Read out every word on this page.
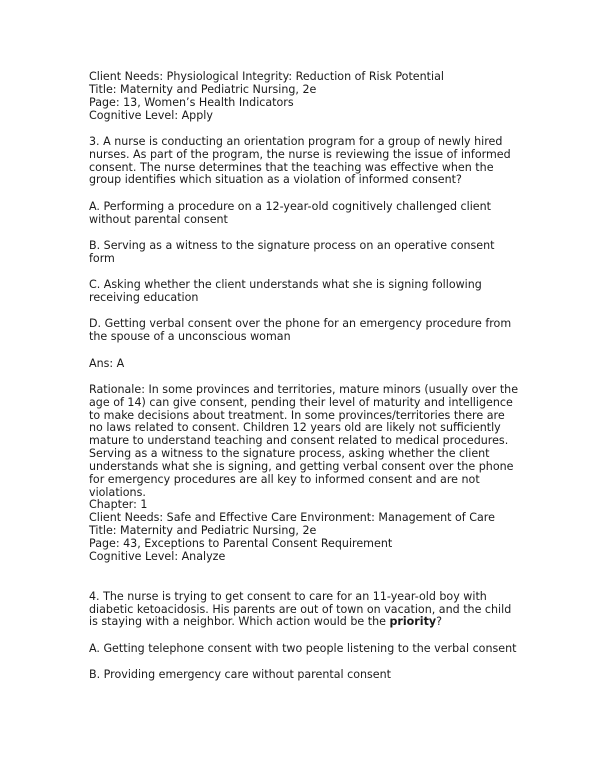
Client Needs: Physiological Integrity: Reduction of Risk Potential
Title: Maternity and Pediatric Nursing, 2e
Page: 13, Women’s Health Indicators
Cognitive Level: Apply
3. A nurse is conducting an orientation program for a group of newly hired
nurses. As part of the program, the nurse is reviewing the issue of informed
consent. The nurse determines that the teaching was effective when the
group identifies which situation as a violation of informed consent?
A. Performing a procedure on a 12-year-old cognitively challenged client
without parental consent
B. Serving as a witness to the signature process on an operative consent
form
C. Asking whether the client understands what she is signing following
receiving education
D. Getting verbal consent over the phone for an emergency procedure from
the spouse of a unconscious woman
Ans: A
Rationale: In some provinces and territories, mature minors (usually over the
age of 14) can give consent, pending their level of maturity and intelligence
to make decisions about treatment. In some provinces/territories there are
no laws related to consent. Children 12 years old are likely not sufficiently
mature to understand teaching and consent related to medical procedures.
Serving as a witness to the signature process, asking whether the client
understands what she is signing, and getting verbal consent over the phone
for emergency procedures are all key to informed consent and are not
violations.
Chapter: 1
Client Needs: Safe and Effective Care Environment: Management of Care
Title: Maternity and Pediatric Nursing, 2e
Page: 43, Exceptions to Parental Consent Requirement
Cognitive Level: Analyze
4. The nurse is trying to get consent to care for an 11-year-old boy with
diabetic ketoacidosis. His parents are out of town on vacation, and the child
is staying with a neighbor. Which action would be the priority?
A. Getting telephone consent with two people listening to the verbal consent
B. Providing emergency care without parental consent
